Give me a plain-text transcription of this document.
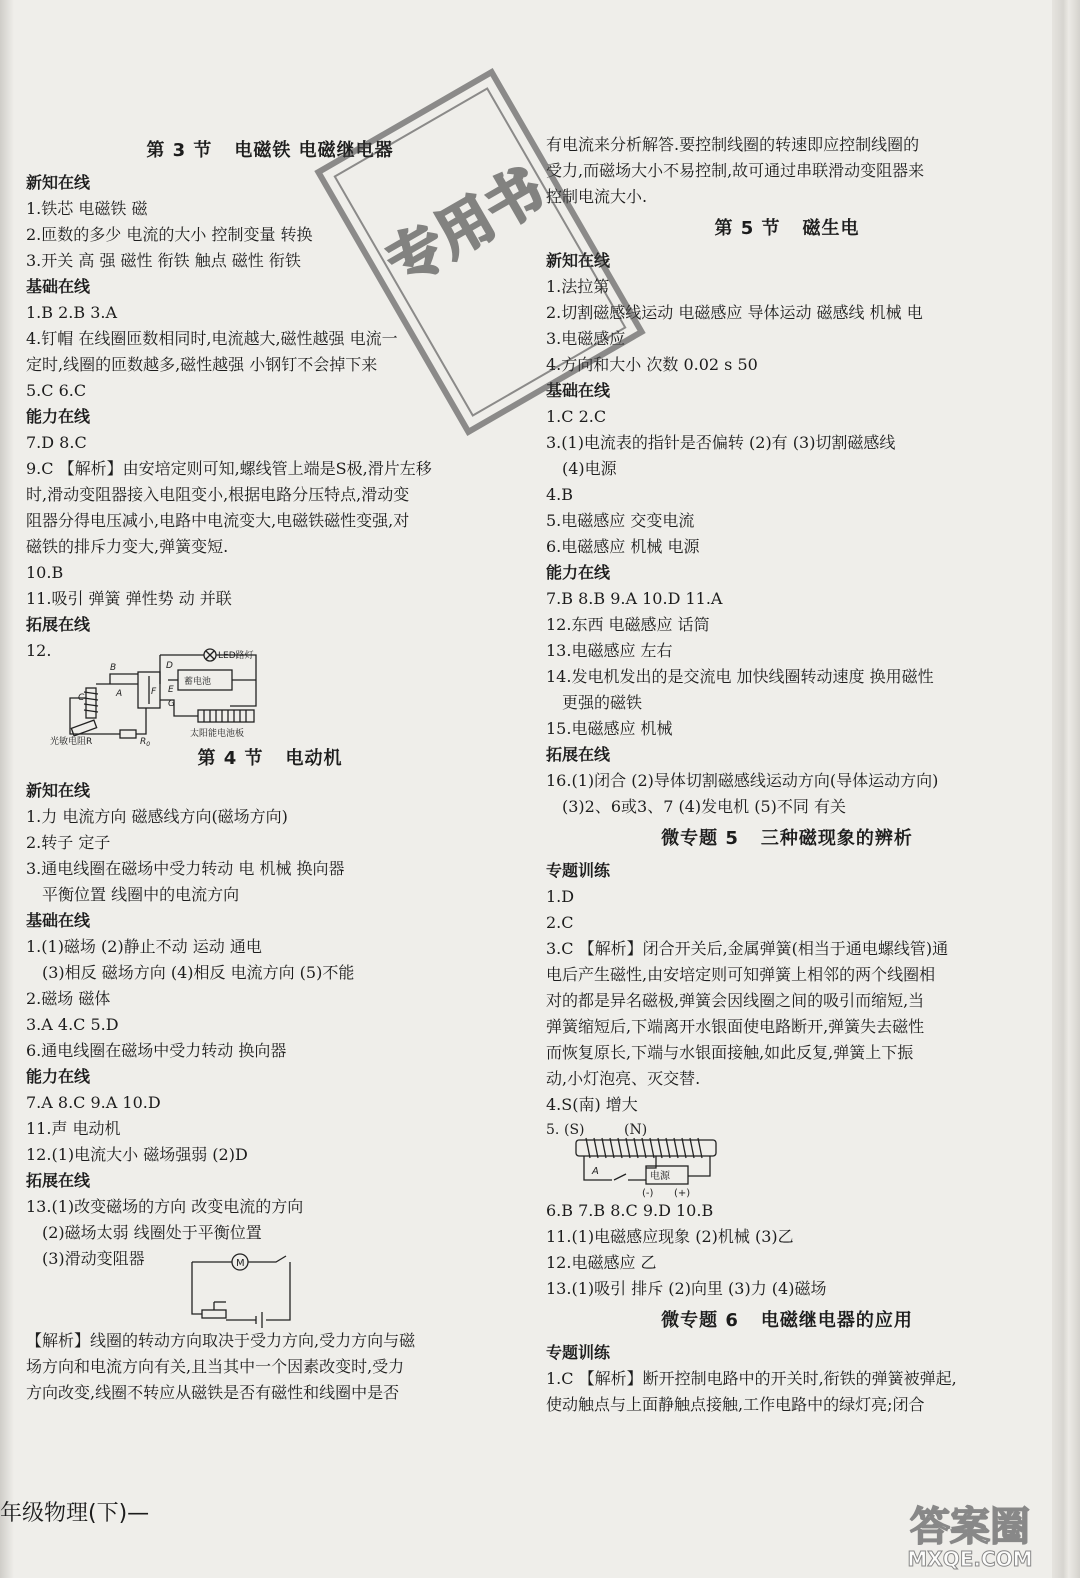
第 3 节 电磁铁 电磁继电器
新知在线
1.铁芯 电磁铁 磁
2.匝数的多少 电流的大小 控制变量 转换
3.开关 高 强 磁性 衔铁 触点 磁性 衔铁
基础在线
1.B 2.B 3.A
4.钉帽 在线圈匝数相同时,电流越大,磁性越强 电流一
定时,线圈的匝数越多,磁性越强 小钢钉不会掉下来
5.C 6.C
能力在线
7.D 8.C
9.C 【解析】由安培定则可知,螺线管上端是S极,滑片左移
时,滑动变阻器接入电阻变小,根据电路分压特点,滑动变
阻器分得电压减小,电路中电流变大,电磁铁磁性变强,对
磁铁的排斥力变大,弹簧变短.
10.B
11.吸引 弹簧 弹性势 动 并联
拓展在线
12.
D
E
F
G
B
C	A
LED路灯
蓄电池
太阳能电池板
光敏电阻R	$R_0$
第 4 节 电动机
新知在线
1.力 电流方向 磁感线方向(磁场方向)
2.转子 定子
3.通电线圈在磁场中受力转动 电 机械 换向器
平衡位置 线圈中的电流方向
基础在线
1.(1)磁场 (2)静止不动 运动 通电
(3)相反 磁场方向 (4)相反 电流方向 (5)不能
2.磁场 磁体
3.A 4.C 5.D
6.通电线圈在磁场中受力转动 换向器
能力在线
7.A 8.C 9.A 10.D
11.声 电动机
12.(1)电流大小 磁场强弱 (2)D
拓展在线
13.(1)改变磁场的方向 改变电流的方向
(2)磁场太弱 线圈处于平衡位置
(3)滑动变阻器	M
【解析】线圈的转动方向取决于受力方向,受力方向与磁
场方向和电流方向有关,且当其中一个因素改变时,受力
方向改变,线圈不转应从磁铁是否有磁性和线圈中是否
有电流来分析解答.要控制线圈的转速即应控制线圈的
受力,而磁场大小不易控制,故可通过串联滑动变阻器来
控制电流大小.
第 5 节 磁生电
新知在线
1.法拉第
2.切割磁感线运动 电磁感应 导体运动 磁感线 机械 电
3.电磁感应
4.方向和大小 次数 0.02 s 50
基础在线
1.C 2.C
3.(1)电流表的指针是否偏转 (2)有 (3)切割磁感线
(4)电源
4.B
5.电磁感应 交变电流
6.电磁感应 机械 电源
能力在线
7.B 8.B 9.A 10.D 11.A
12.东西 电磁感应 话筒
13.电磁感应 左右
14.发电机发出的是交流电 加快线圈转动速度 换用磁性
更强的磁铁
15.电磁感应 机械
拓展在线
16.(1)闭合 (2)导体切割磁感线运动方向(导体运动方向)
(3)2、6或3、7 (4)发电机 (5)不同 有关
微专题 5 三种磁现象的辨析
专题训练
1.D
2.C
3.C 【解析】闭合开关后,金属弹簧(相当于通电螺线管)通
电后产生磁性,由安培定则可知弹簧上相邻的两个线圈相
对的都是异名磁极,弹簧会因线圈之间的吸引而缩短,当
弹簧缩短后,下端离开水银面使电路断开,弹簧失去磁性
而恢复原长,下端与水银面接触,如此反复,弹簧上下振
动,小灯泡亮、灭交替.
4.S(南) 增大
5. (S)	(N)
A	电源
(-) (+)
6.B 7.B 8.C 9.D 10.B
11.(1)电磁感应现象 (2)机械 (3)乙
12.电磁感应 乙
13.(1)吸引 排斥 (2)向里 (3)力 (4)磁场
微专题 6 电磁继电器的应用
专题训练
1.C 【解析】断开控制电路中的开关时,衔铁的弹簧被弹起,
使动触点与上面静触点接触,工作电路中的绿灯亮;闭合
年级物理(下)—
专用书
答案圈
MXQE.COM
